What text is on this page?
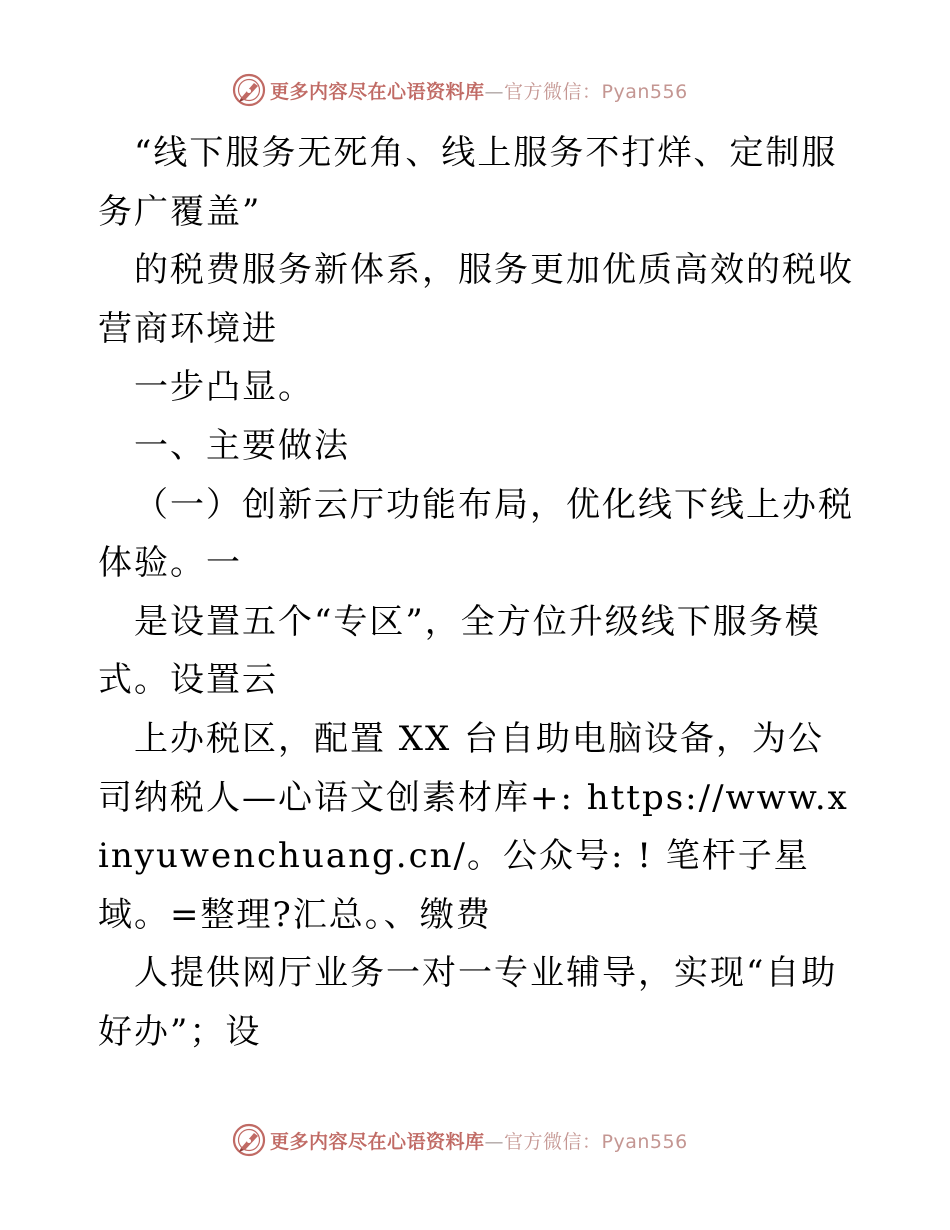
更多内容尽在心语资料库—官方微信：Pyan556

“线下服务无死角、线上服务不打烊、定制服务广覆盖”

的税费服务新体系，服务更加优质高效的税收营商环境进

一步凸显。

一、主要做法

（一）创新云厅功能布局，优化线下线上办税体验。一

是设置五个“专区”，全方位升级线下服务模式。设置云

上办税区，配置 XX 台自助电脑设备，为公司纳税人—心语文创素材库+: https://www.xinyuwenchuang.cn/。公众号: ! 笔杆子星域。=整理?汇总。、缴费

人提供网厅业务一对一专业辅导，实现“自助好办”；设

更多内容尽在心语资料库—官方微信：Pyan556
